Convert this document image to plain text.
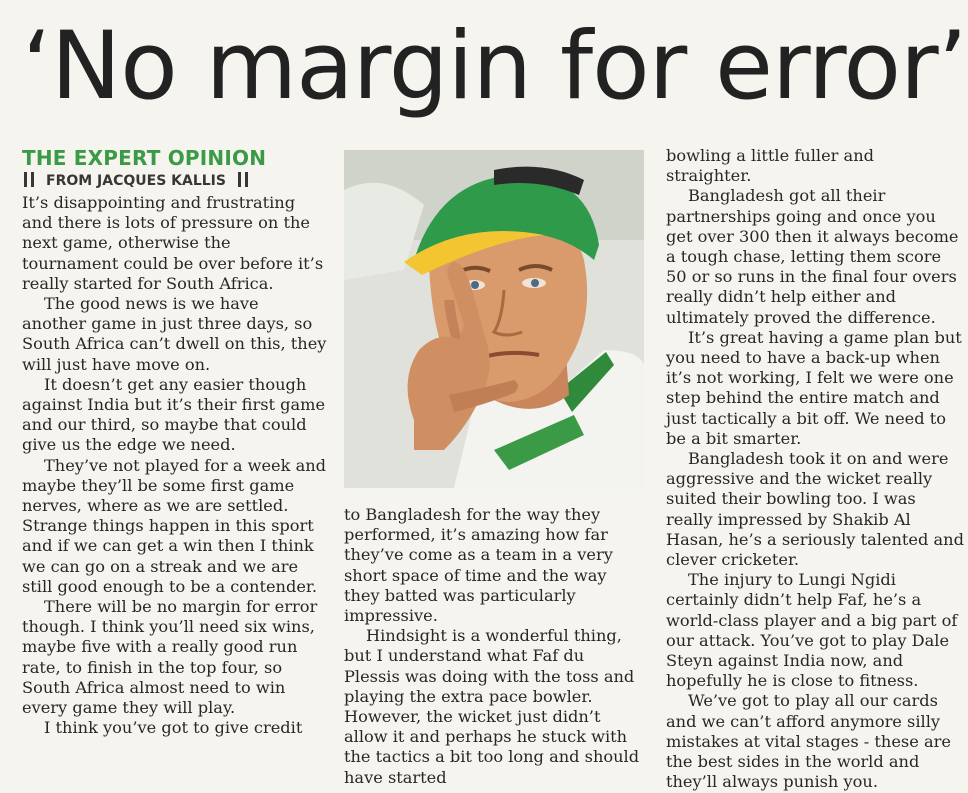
‘No margin for error’
THE EXPERT OPINION
FROM JACQUES KALLIS

It’s disappointing and frustrating and there is lots of pressure on the next game, otherwise the tournament could be over before it’s really started for South Africa.

The good news is we have another game in just three days, so South Africa can’t dwell on this, they will just have move on.

It doesn’t get any easier though against India but it’s their first game and our third, so maybe that could give us the edge we need.

They’ve not played for a week and maybe they’ll be some first game nerves, where as we are settled. Strange things happen in this sport and if we can get a win then I think we can go on a streak and we are still good enough to be a contender.

There will be no margin for error though. I think you’ll need six wins, maybe five with a really good run rate, to finish in the top four, so South Africa almost need to win every game they will play.

I think you’ve got to give credit

to Bangladesh for the way they performed, it’s amazing how far they’ve come as a team in a very short space of time and the way they batted was particularly impressive.

Hindsight is a wonderful thing, but I understand what Faf du Plessis was doing with the toss and playing the extra pace bowler. However, the wicket just didn’t allow it and perhaps he stuck with the tactics a bit too long and should have started

bowling a little fuller and straighter.

Bangladesh got all their partnerships going and once you get over 300 then it always become a tough chase, letting them score 50 or so runs in the final four overs really didn’t help either and ultimately proved the difference.

It’s great having a game plan but you need to have a back-up when it’s not working, I felt we were one step behind the entire match and just tactically a bit off. We need to be a bit smarter.

Bangladesh took it on and were aggressive and the wicket really suited their bowling too. I was really impressed by Shakib Al Hasan, he’s a seriously talented and clever cricketer.

The injury to Lungi Ngidi certainly didn’t help Faf, he’s a world-class player and a big part of our attack. You’ve got to play Dale Steyn against India now, and hopefully he is close to fitness.

We’ve got to play all our cards and we can’t afford anymore silly mistakes at vital stages - these are the best sides in the world and they’ll always punish you.
